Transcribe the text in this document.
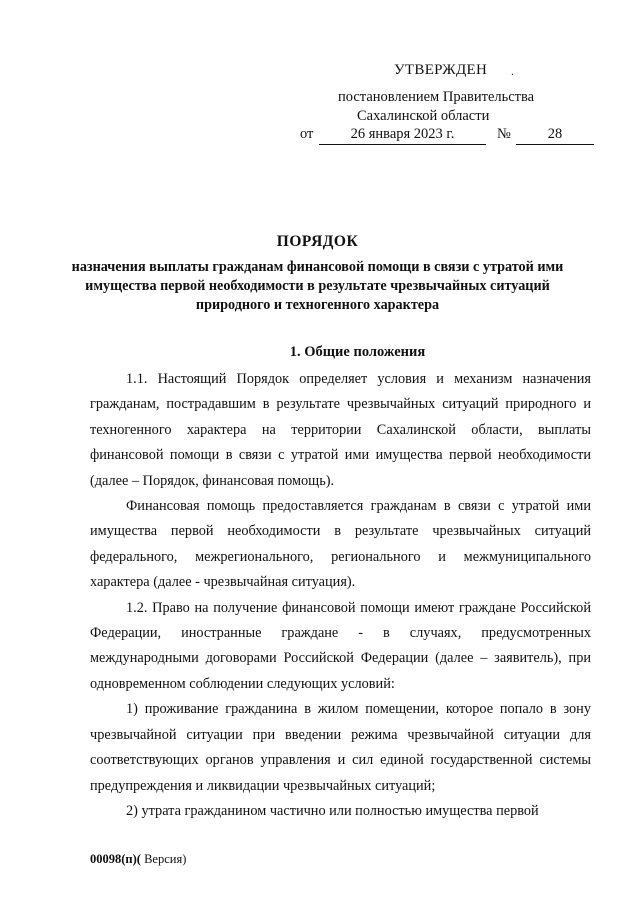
УТВЕРЖДЕН .
постановлением Правительства
Сахалинской области
от	26 января 2023 г.	№	28
ПОРЯДОК
назначения выплаты гражданам финансовой помощи в связи с утратой ими имущества первой необходимости в результате чрезвычайных ситуаций природного и техногенного характера
1. Общие положения

1.1. Настоящий Порядок определяет условия и механизм назначения гражданам, пострадавшим в результате чрезвычайных ситуаций природного и техногенного характера на территории Сахалинской области, выплаты финансовой помощи в связи с утратой ими имущества первой необходимости (далее – Порядок, финансовая помощь).

Финансовая помощь предоставляется гражданам в связи с утратой ими имущества первой необходимости в результате чрезвычайных ситуаций федерального, межрегионального, регионального и межмуниципального характера (далее - чрезвычайная ситуация).

1.2. Право на получение финансовой помощи имеют граждане Российской Федерации, иностранные граждане - в случаях, предусмотренных международными договорами Российской Федерации (далее – заявитель), при одновременном соблюдении следующих условий:

1) проживание гражданина в жилом помещении, которое попало в зону чрезвычайной ситуации при введении режима чрезвычайной ситуации для соответствующих органов управления и сил единой государственной системы предупреждения и ликвидации чрезвычайных ситуаций;

2) утрата гражданином частично или полностью имущества первой

00098(п)( Версия)
